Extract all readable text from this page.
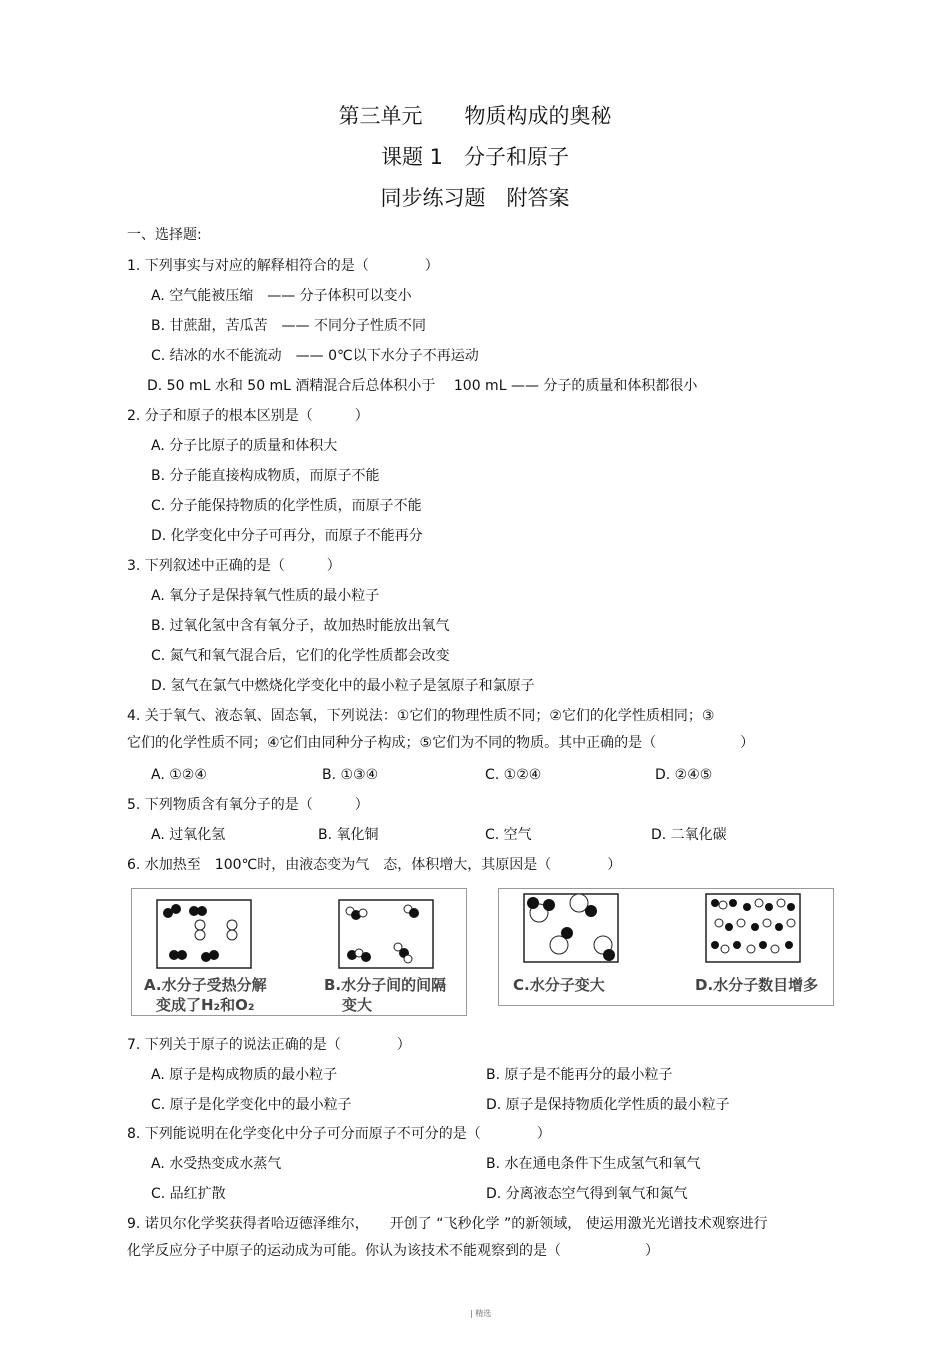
第三单元　　物质构成的奥秘
课题 1　分子和原子
同步练习题　附答案
一、选择题:
1. 下列事实与对应的解释相符合的是（　　　　）
A. 空气能被压缩　—— 分子体积可以变小
B. 甘蔗甜，苦瓜苦　—— 不同分子性质不同
C. 结冰的水不能流动　—— 0℃以下水分子不再运动
D. 50 mL 水和 50 mL 酒精混合后总体积小于　 100 mL —— 分子的质量和体积都很小
2. 分子和原子的根本区别是（　　　）
A. 分子比原子的质量和体积大
B. 分子能直接构成物质，而原子不能
C. 分子能保持物质的化学性质，而原子不能
D. 化学变化中分子可再分，而原子不能再分
3. 下列叙述中正确的是（　　　）
A. 氧分子是保持氧气性质的最小粒子
B. 过氧化氢中含有氧分子，故加热时能放出氧气
C. 氮气和氧气混合后，它们的化学性质都会改变
D. 氢气在氯气中燃烧化学变化中的最小粒子是氢原子和氯原子
4. 关于氧气、液态氧、固态氧，下列说法：①它们的物理性质不同；②它们的化学性质相同；③
它们的化学性质不同；④它们由同种分子构成；⑤它们为不同的物质。其中正确的是（　　　　　　）
A. ①②④	B. ①③④	C. ①②④	D. ②④⑤
5. 下列物质含有氧分子的是（　　　）
A. 过氧化氢	B. 氧化铜	C. 空气	D. 二氧化碳
6. 水加热至　100℃时，由液态变为气　态，体积增大，其原因是（　　　　）
A.水分子受热分解
变成了H₂和O₂
B.水分子间的间隔
变大
C.水分子变大	D.水分子数目增多
7. 下列关于原子的说法正确的是（　　　　）
A. 原子是构成物质的最小粒子	B. 原子是不能再分的最小粒子
C. 原子是化学变化中的最小粒子	D. 原子是保持物质化学性质的最小粒子
8. 下列能说明在化学变化中分子可分而原子不可分的是（　　　　）
A. 水受热变成水蒸气	B. 水在通电条件下生成氢气和氧气
C. 品红扩散	D. 分离液态空气得到氧气和氮气
9. 诺贝尔化学奖获得者哈迈德泽维尔，　　开创了 “飞秒化学 ”的新领域， 使运用激光光谱技术观察进行
化学反应分子中原子的运动成为可能。你认为该技术不能观察到的是（　　　　　　）
| 精选
